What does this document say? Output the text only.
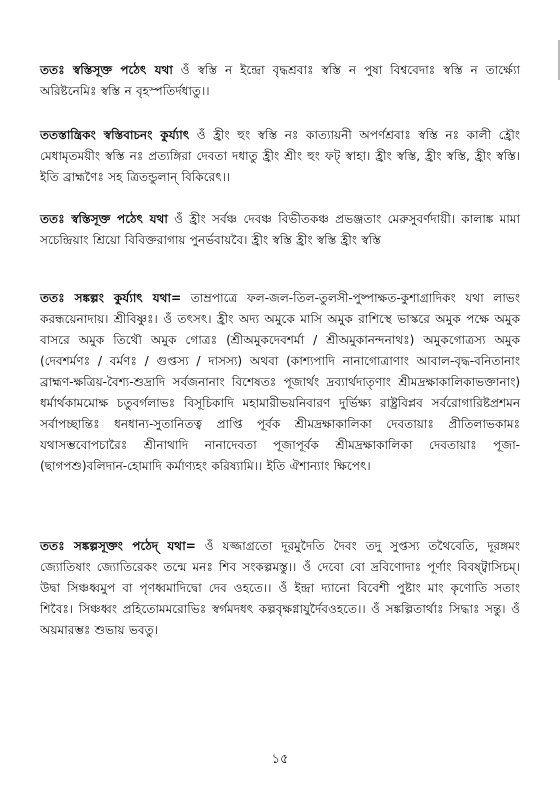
ততঃ স্বস্তিসূক্ত পঠেৎ যথা ওঁ স্বস্তি ন ইন্দ্রো বৃদ্ধশ্রবাঃ স্বস্তি ন পুষা বিশ্ববেদাঃ স্বস্তি ন তার্ক্ষ্যো অরিষ্টনেমিঃ স্বস্তি ন বৃহস্পতির্দধাতু।।

ততস্তান্ত্রিকং স্বস্তিবাচনং কুর্য্যাৎ ওঁ হ্রীং হুং স্বস্তি নঃ কাত্যায়নী অপর্ণশ্রবাঃ স্বস্তি নঃ কালী হ্রৌং মেধামৃতময়ীং স্বস্তি নঃ প্রত্যঙ্গিরা দেবতা দধাতু হ্রীং শ্রীং হুং ফট্ স্বাহা। হ্রীং স্বস্তি, হ্রীং স্বস্তি, হ্রীং স্বস্তি। ইতি ব্রাহ্মণৈঃ সহ ত্রিতন্ডুলান্ বিকিরেৎ।।

ততঃ স্বস্তিসূক্ত পঠেৎ যথা ওঁ হ্রীং সর্বঞ্চ দেবঞ্চ বিভীতকঞ্চ প্রভঞ্জতাং মেরুসুবর্ণদায়ী। কালাঙ্ক মামা সচেন্দ্রিয়াং শ্রিয়ো বিবিক্তরাগায় পুনর্ভবায়বৈ। হ্রীং স্বস্তি হ্রীং স্বস্তি হ্রীং স্বস্তি

ততঃ সঙ্কল্পং কুর্য্যাৎ যথা= তাম্রপাত্রে ফল-জল-তিল-তুলসী-পুষ্পাক্ষত-কুশাগ্রাদিকং যথা লাভং করন্ধয়েনাদায়। শ্রীবিষ্ণুঃ। ওঁ তৎসৎ। হ্রীং অদ্য অমুকে মাসি অমুক রাশিস্থে ভাস্করে অমুক পক্ষে অমুক বাসরে অমুক তিথৌ অমুক গোত্রঃ (শ্রীঅমুকদেবশর্মা / শ্রীঅমুকানন্দনাথঃ) অমুকগোত্রস্য অমুক (দেবশর্মণঃ / বর্মণঃ / গুপ্তস্য / দাসস্য) অথবা (কাশ্যপাদি নানাগোত্রাণাং আবাল-বৃদ্ধ-বনিতানাং ব্রাহ্মণ-ক্ষত্রিয়-বৈশ্য-শুদ্রাদি সর্বজনানাং বিশেষতঃ পূজার্থং দ্রব্যার্থদাতৃণাং শ্রীমদ্রক্ষাকালিকাভক্তানাং) ধর্মার্থকামমোক্ষ চতুবর্গলাভঃ বিসূচিকাদি মহামারীভয়নিবারণ দুর্ভিক্ষ্য রাষ্ট্রবিপ্লব সর্বরোগারিষ্টপ্রশমন সর্বাপচ্ছান্তিঃ ধনধান্য-সুতানিতত্ব প্রাপ্তি পূর্বক শ্রীমদ্রক্ষাকালিকা দেবতায়াঃ প্রীতিলাভকামঃ যথাসম্ভবোপচারৈঃ শ্রীনাথাদি নানাদেবতা পূজাপূর্বক শ্রীমদ্রক্ষাকালিকা দেবতায়াঃ পূজা-(ছাগপশু)বলিদান-হোমাদি কর্মাণ্যহং করিষ্যামি।। ইতি ঐশান্যাং ক্ষিপেৎ।

ততঃ সঙ্কল্পসূক্তং পঠেদ্ যথা= ওঁ যজ্জাগ্রতো দূরমুদৈতি দৈবং তদু সুপ্তস্য তথৈবেতি, দূরঙ্গমং জ্যোতিষাং জ্যোতিরেকং তন্মে মনঃ শিব সংকল্পমস্তু।। ওঁ দেবো বো দ্রবিণোদাঃ পূর্ণাং বিবষ্ট্বাসিচম্। উদ্বা সিঞ্চধ্বমুপ বা পৃণধ্বমাদিদ্বো দেব ওহতে।। ওঁ ইন্দ্রা দ্যানো বিবেশী পুষ্টাং মাং কৃণোতি সতাং শিবৈঃ। সিঞ্চধ্বং প্রহিতোমমরোভিঃ স্বর্গমদধৎ কল্পবৃক্ষগ্নাযুর্দৈবওহতে।। ওঁ সঙ্কল্পিতার্থাঃ সিদ্ধাঃ সন্তু। ওঁ অয়মারম্ভঃ শুভায় ভবতু।

১৫
